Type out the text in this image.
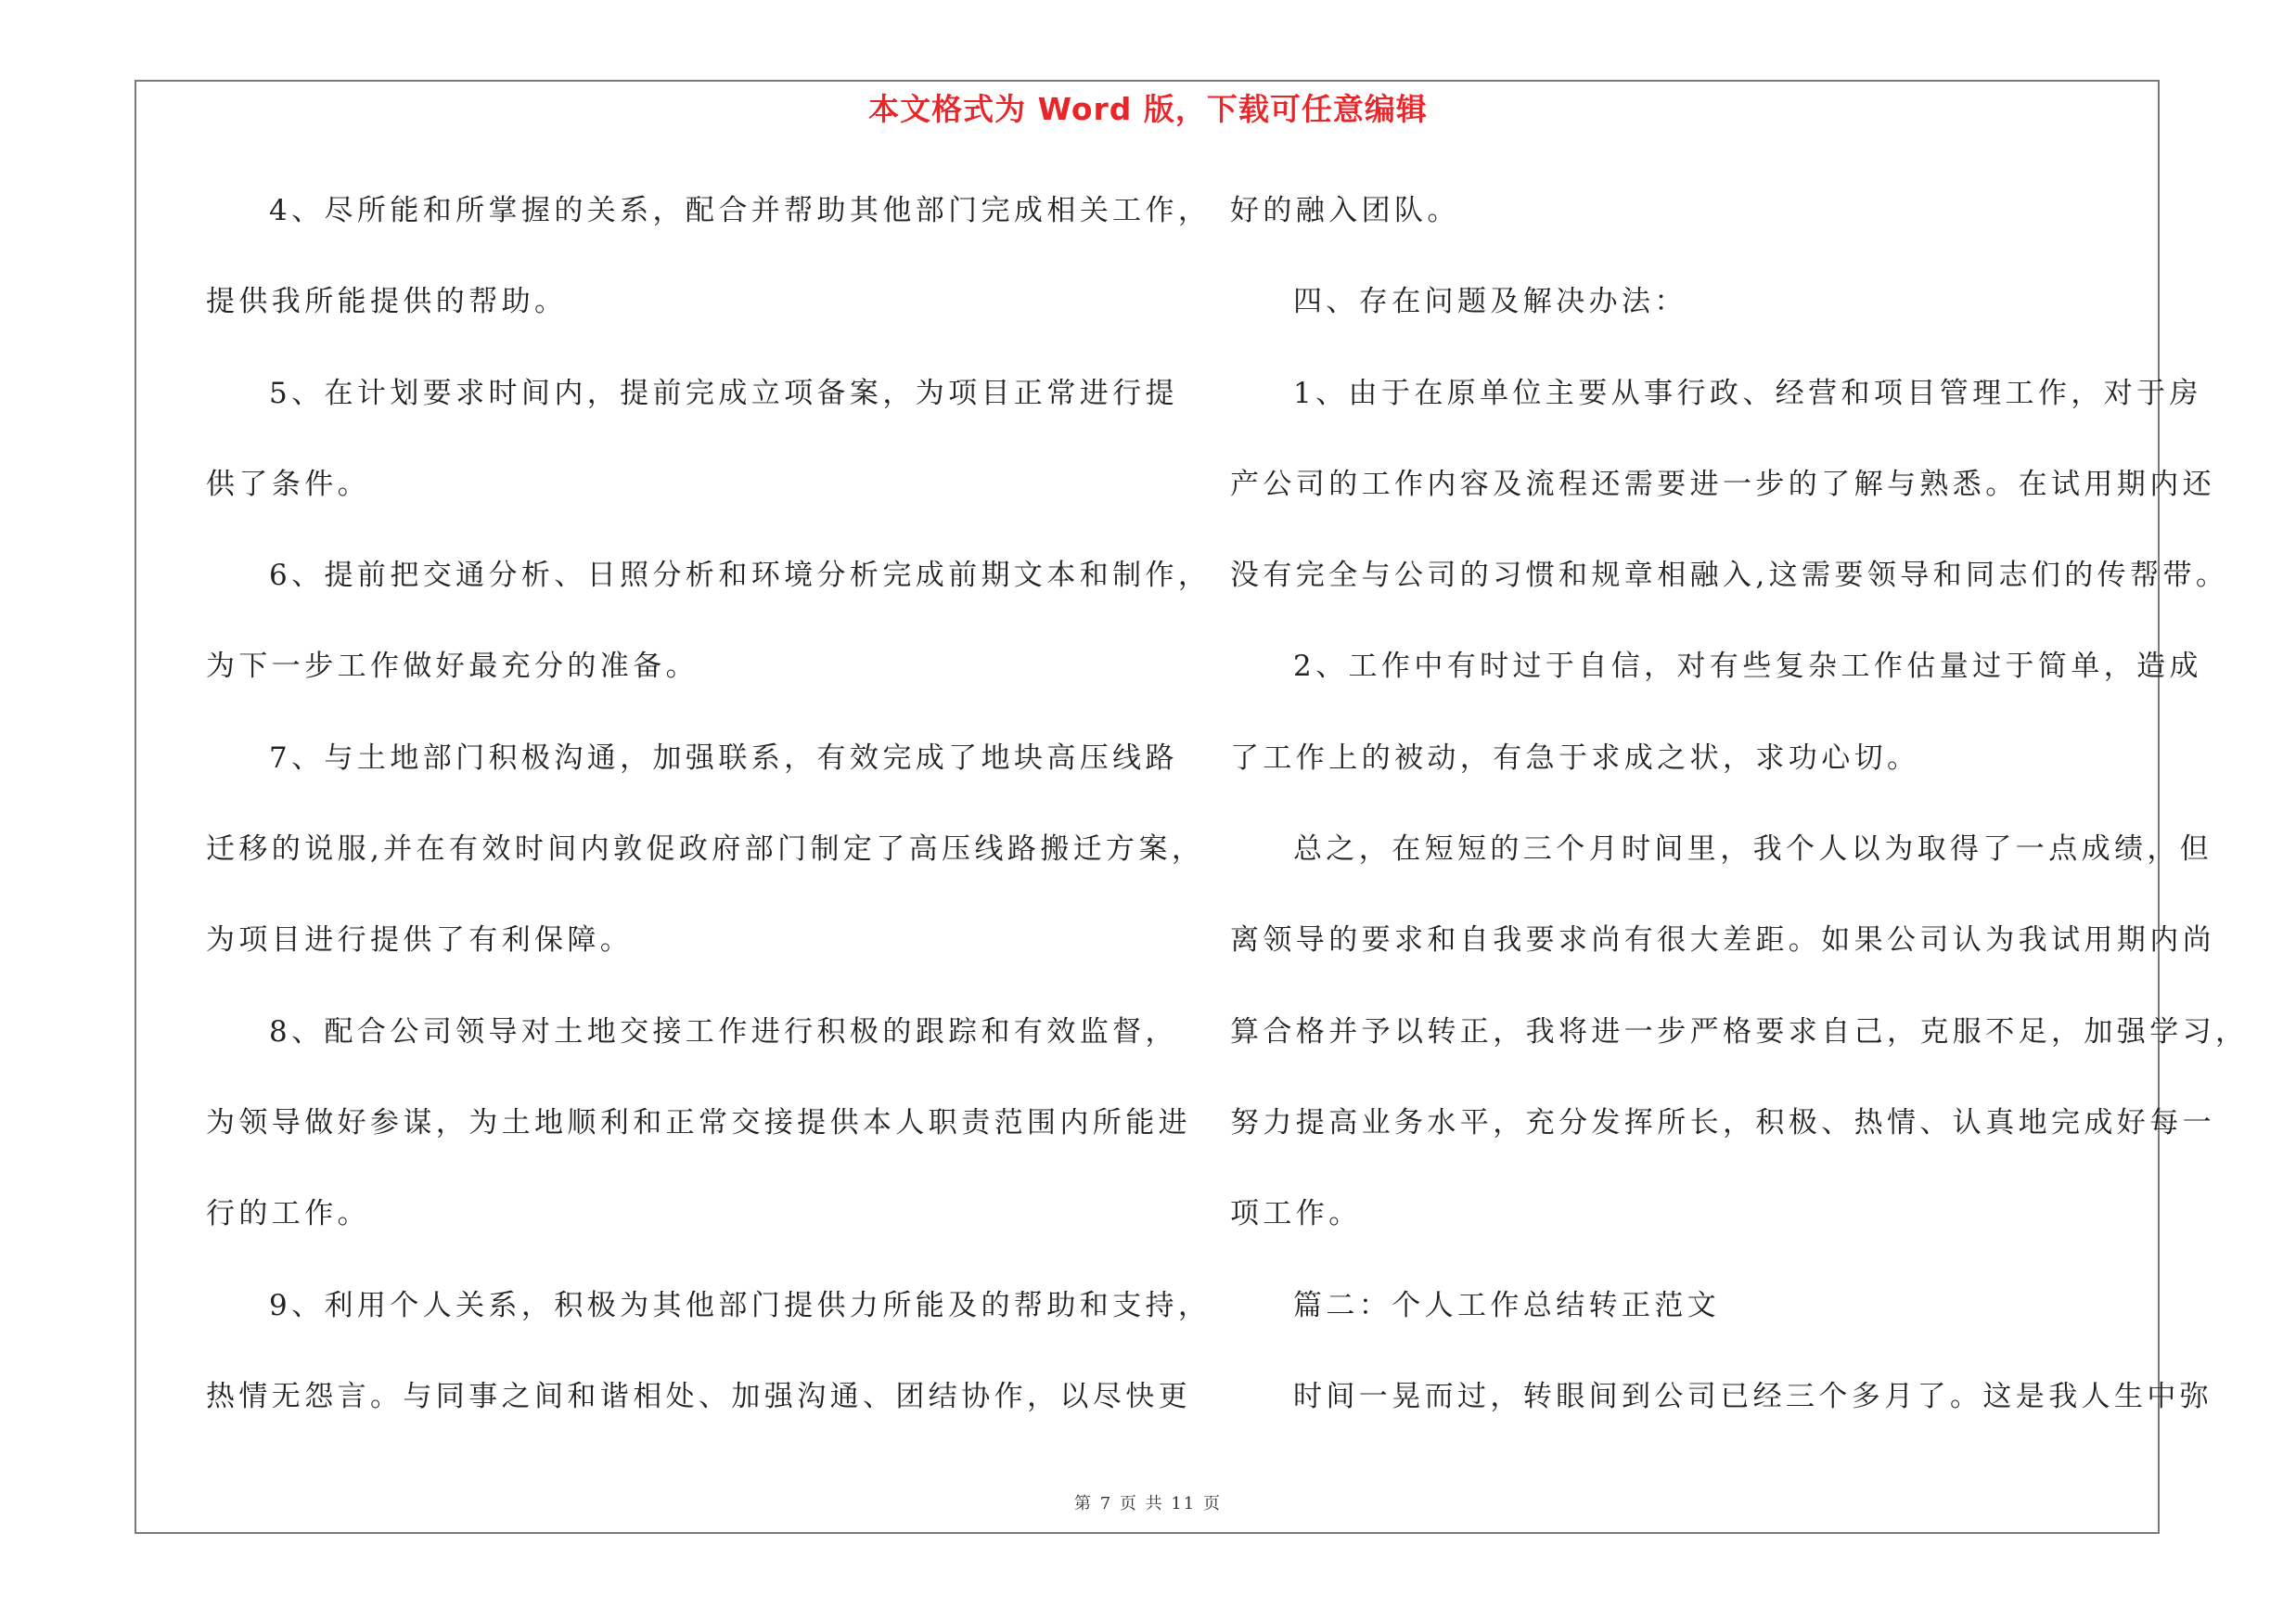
本文格式为 Word 版，下载可任意编辑
4、尽所能和所掌握的关系，配合并帮助其他部门完成相关工作，
提供我所能提供的帮助。
5、在计划要求时间内，提前完成立项备案，为项目正常进行提
供了条件。
6、提前把交通分析、日照分析和环境分析完成前期文本和制作，
为下一步工作做好最充分的准备。
7、与土地部门积极沟通，加强联系，有效完成了地块高压线路
迁移的说服,并在有效时间内敦促政府部门制定了高压线路搬迁方案，
为项目进行提供了有利保障。
8、配合公司领导对土地交接工作进行积极的跟踪和有效监督，
为领导做好参谋，为土地顺利和正常交接提供本人职责范围内所能进
行的工作。
9、利用个人关系，积极为其他部门提供力所能及的帮助和支持，
热情无怨言。与同事之间和谐相处、加强沟通、团结协作，以尽快更
好的融入团队。
四、存在问题及解决办法：
1、由于在原单位主要从事行政、经营和项目管理工作，对于房
产公司的工作内容及流程还需要进一步的了解与熟悉。在试用期内还
没有完全与公司的习惯和规章相融入,这需要领导和同志们的传帮带。
2、工作中有时过于自信，对有些复杂工作估量过于简单，造成
了工作上的被动，有急于求成之状，求功心切。
总之，在短短的三个月时间里，我个人以为取得了一点成绩，但
离领导的要求和自我要求尚有很大差距。如果公司认为我试用期内尚
算合格并予以转正，我将进一步严格要求自己，克服不足，加强学习，
努力提高业务水平，充分发挥所长，积极、热情、认真地完成好每一
项工作。
篇二：个人工作总结转正范文
时间一晃而过，转眼间到公司已经三个多月了。这是我人生中弥
第 7 页 共 11 页
